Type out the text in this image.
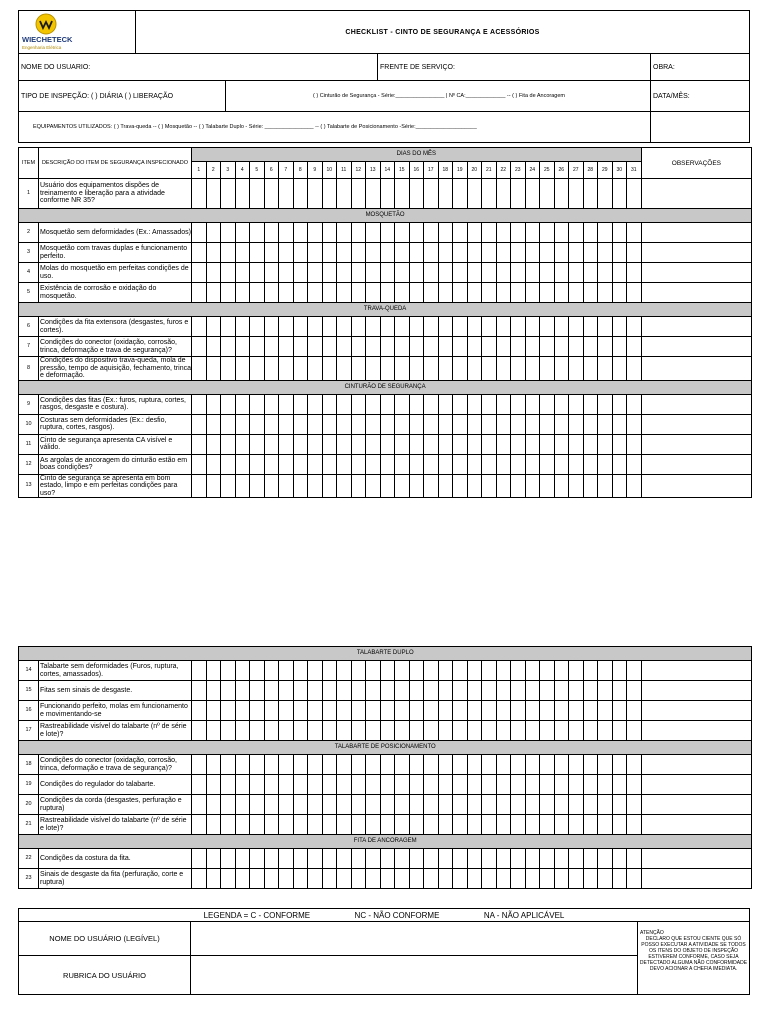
WIECHETECK
Engenharia Elétrica	CHECKLIST - CINTO DE SEGURANÇA E ACESSÓRIOS			
NOME DO USUARIO:			FRENTE DE SERVIÇO:	OBRA:
TIPO DE INSPEÇÃO: ( ) DIÁRIA ( ) LIBERAÇÃO		( ) Cinturão de Segurança - Série:________________ | Nº CA:_____________ -- ( ) Fita de Ancoragem		DATA/MÊS:
EQUIPAMENTOS UTILIZADOS: ( ) Trava-queda -- ( ) Mosquetão -- ( ) Talabarte Duplo - Série: ________________ -- ( ) Talabarte de Posicionamento -Série:____________________				
ITEM	DESCRIÇÃO DO ITEM DE SEGURANÇA INSPECIONADO	DIAS DO MÊS																															OBSERVAÇÕES
		1	2	3	4	5	6	7	8	9	10	11	12	13	14	15	16	17	18	19	20	21	22	23	24	25	26	27	28	29	30	31	
1	Usuário dos equipamentos dispões de treinamento e liberação para a atividade conforme NR 35?																																
MOSQUETÃO																																	
2	Mosquetão sem deformidades (Ex.: Amassados)																																
3	Mosquetão com travas duplas e funcionamento perfeito.																																
4	Molas do mosquetão em perfeitas condições de uso.																																
5	Existência de corrosão e oxidação do mosquetão.																																
TRAVA-QUEDA																																	
6	Condições da fita extensora (desgastes, furos e cortes).																																
7	Condições do conector (oxidação, corrosão, trinca, deformação e trava de segurança)?																																
8	Condições do dispositivo trava-queda, mola de pressão, tempo de aquisição, fechamento, trinca e deformação.																																
CINTURÃO DE SEGURANÇA																																	
9	Condições das fitas (Ex.: furos, ruptura, cortes, rasgos, desgaste e costura).																																
10	Costuras sem deformidades (Ex.: desfio, ruptura, cortes, rasgos).																																
11	Cinto de segurança apresenta CA visível e válido.																																
12	As argolas de ancoragem do cinturão estão em boas condições?																																
13	Cinto de segurança se apresenta em bom estado, limpo e em perfeitas condições para uso?																																
TALABARTE DUPLO																																	
14	Talabarte sem deformidades (Furos, ruptura, cortes, amassados).																																
15	Fitas sem sinais de desgaste.																																
16	Funcionando perfeito, molas em funcionamento e movimentando-se																																
17	Rastreabilidade visível do talabarte (nº de série e lote)?																																
TALABARTE DE POSICIONAMENTO																																	
18	Condições do conector (oxidação, corrosão, trinca, deformação e trava de segurança)?																																
19	Condições do regulador do talabarte.																																
20	Condições da corda (desgastes, perfuração e ruptura)																																
21	Rastreabilidade visível do talabarte (nº de série e lote)?																																
FITA DE ANCORAGEM																																	
22	Condições da costura da fita.																																
23	Sinais de desgaste da fita (perfuração, corte e ruptura)																																
LEGENDA = C - CONFORME NC - NÃO CONFORME NA - NÃO APLICÁVEL		
NOME DO USUÁRIO (LEGÍVEL)		ATENÇÃO
DECLARO QUE ESTOU CIENTE QUE SÓ POSSO EXECUTAR A ATIVIDADE SE TODOS OS ITENS DO OBJETO DE INSPEÇÃO ESTIVEREM CONFORME, CASO SEJA DETECTADO ALGUMA NÃO CONFORMIDADE DEVO ACIONAR A CHEFIA IMEDIATA.

RUBRICA DO USUÁRIO		
